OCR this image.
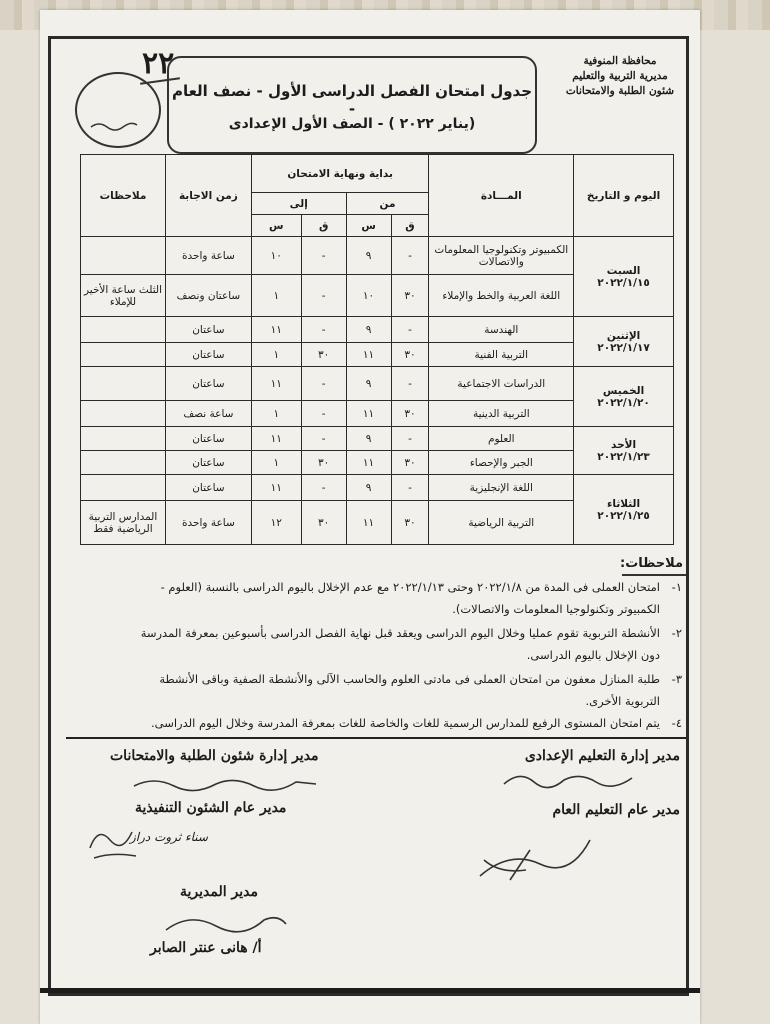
٢٢
جدول امتحان الفصل الدراسى الأول - نصف العام -
(يناير ٢٠٢٢ ) - الصف الأول الإعدادى
محافظة المنوفية
مديرية التربية والتعليم
شئون الطلبة والامتحانات
اليوم و التاريخ	المـــادة	بداية ونهاية الامتحان				زمن الاجابة	ملاحظات
		من		إلى			
		ق	س	ق	س		

السبت
٢٠٢٢/١/١٥	الكمبيوتر وتكنولوجيا المعلومات والاتصالات	-	٩	-	١٠	ساعة واحدة	
	اللغة العربية والخط والإملاء	٣٠	١٠	-	١	ساعتان ونصف	الثلث ساعة الأخير للإملاء

الإثنين
٢٠٢٢/١/١٧	الهندسة	-	٩	-	١١	ساعتان	
	التربية الفنية	٣٠	١١	٣٠	١	ساعتان	

الخميس
٢٠٢٢/١/٢٠	الدراسات الاجتماعية	-	٩	-	١١	ساعتان	
	التربية الدينية	٣٠	١١	-	١	ساعة نصف	

الأحد
٢٠٢٢/١/٢٣	العلوم	-	٩	-	١١	ساعتان	
	الجبر والإحصاء	٣٠	١١	٣٠	١	ساعتان	

الثلاثاء
٢٠٢٢/١/٢٥	اللغة الإنجليزية	-	٩	-	١١	ساعتان	
	التربية الرياضية	٣٠	١١	٣٠	١٢	ساعة واحدة	المدارس التربية الرياضية فقط
ملاحظات:
١-امتحان العملى فى المدة من ٢٠٢٢/١/٨ وحتى ٢٠٢٢/١/١٣ مع عدم الإخلال باليوم الدراسى بالنسبة (العلوم -
الكمبيوتر وتكنولوجيا المعلومات والاتصالات).
٢-الأنشطة التربوية تقوم عمليا وخلال اليوم الدراسى ويعقد قبل نهاية الفصل الدراسى بأسبوعين بمعرفة المدرسة
دون الإخلال باليوم الدراسى.
٣-طلبة المنازل معفون من امتحان العملى فى مادتى العلوم والحاسب الآلى والأنشطة الصفية وباقى الأنشطة
التربوية الأخرى.
٤-يتم امتحان المستوى الرفيع للمدارس الرسمية للغات والخاصة للغات بمعرفة المدرسة وخلال اليوم الدراسى.
مدير إدارة التعليم الإعدادى
مدير إدارة شئون الطلبة والامتحانات
مدير عام التعليم العام
مدير عام الشئون التنفيذية
سناء ثروت دراز
مدير المديرية
أ/ هانى عنتر الصابر
